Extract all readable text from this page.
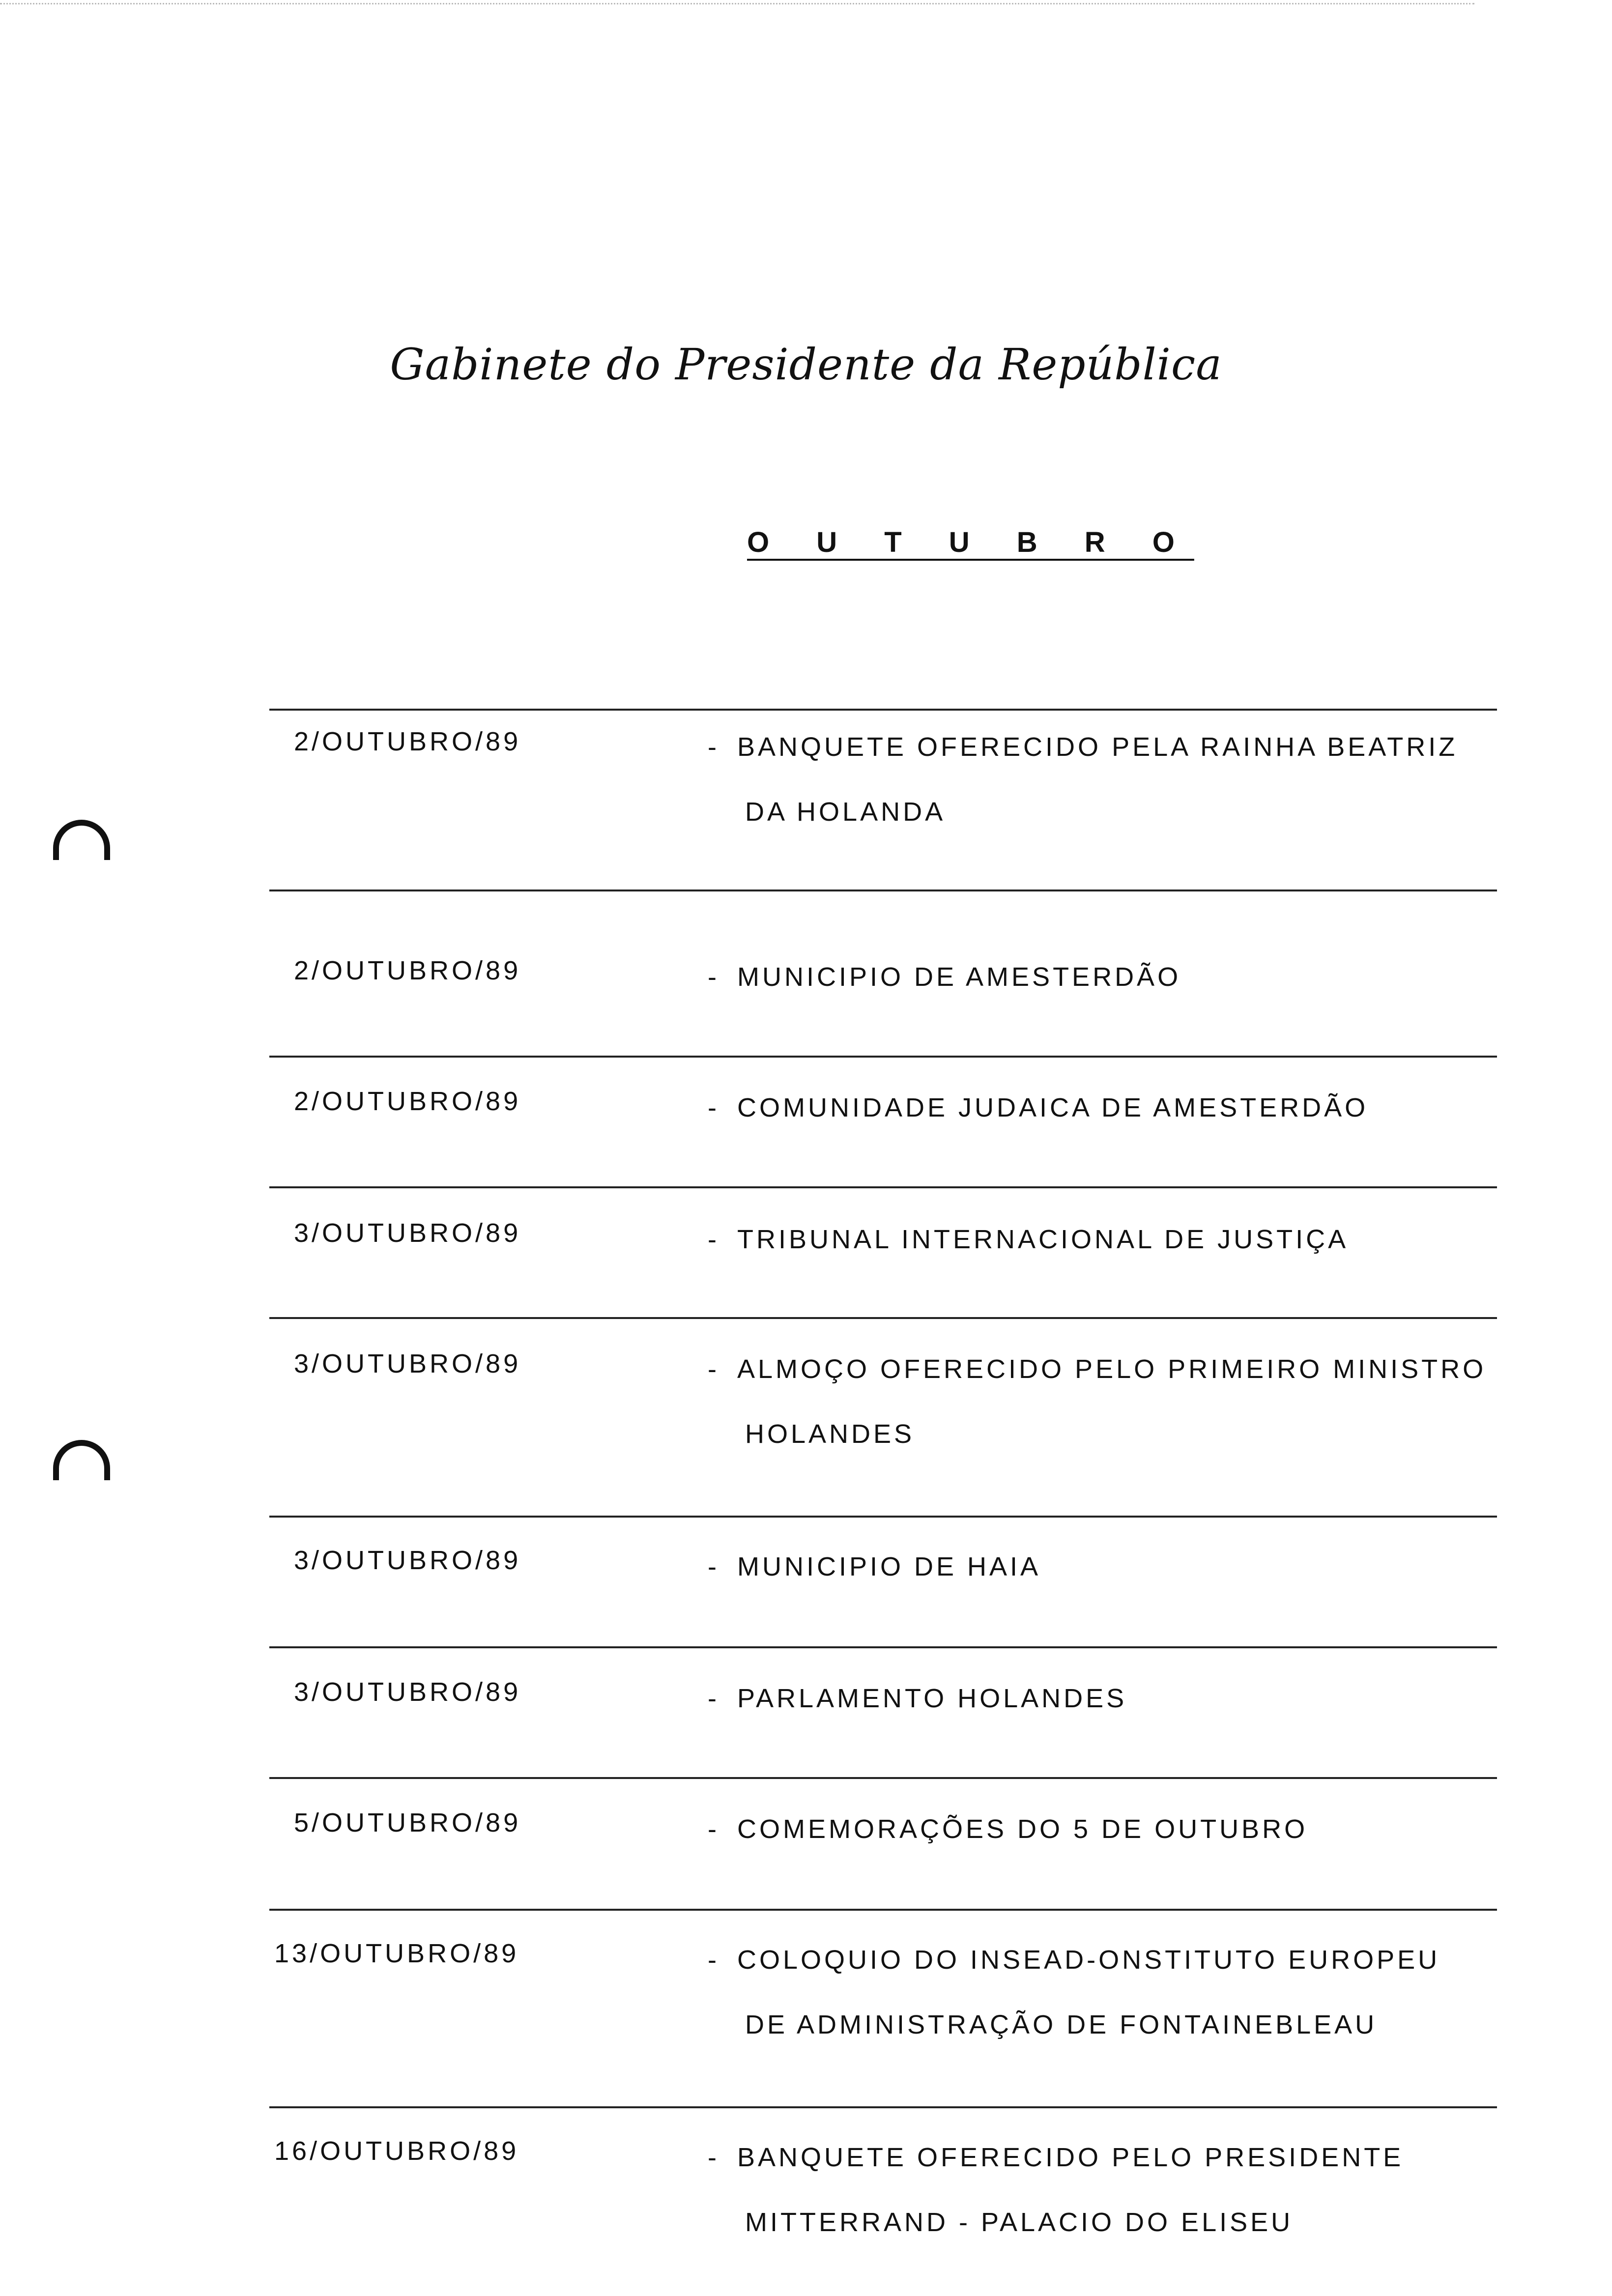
Gabinete do Presidente da República
O U T U B R O
2/OUTUBRO/89	- BANQUETE OFERECIDO PELA RAINHA BEATRIZ
DA HOLANDA
2/OUTUBRO/89	- MUNICIPIO DE AMESTERDÃO
2/OUTUBRO/89	- COMUNIDADE JUDAICA DE AMESTERDÃO
3/OUTUBRO/89	- TRIBUNAL INTERNACIONAL DE JUSTIÇA
3/OUTUBRO/89	- ALMOÇO OFERECIDO PELO PRIMEIRO MINISTRO
HOLANDES
3/OUTUBRO/89	- MUNICIPIO DE HAIA
3/OUTUBRO/89	- PARLAMENTO HOLANDES
5/OUTUBRO/89	- COMEMORAÇÕES DO 5 DE OUTUBRO
13/OUTUBRO/89	- COLOQUIO DO INSEAD-ONSTITUTO EUROPEU
DE ADMINISTRAÇÃO DE FONTAINEBLEAU
16/OUTUBRO/89	- BANQUETE OFERECIDO PELO PRESIDENTE
MITTERRAND - PALACIO DO ELISEU
